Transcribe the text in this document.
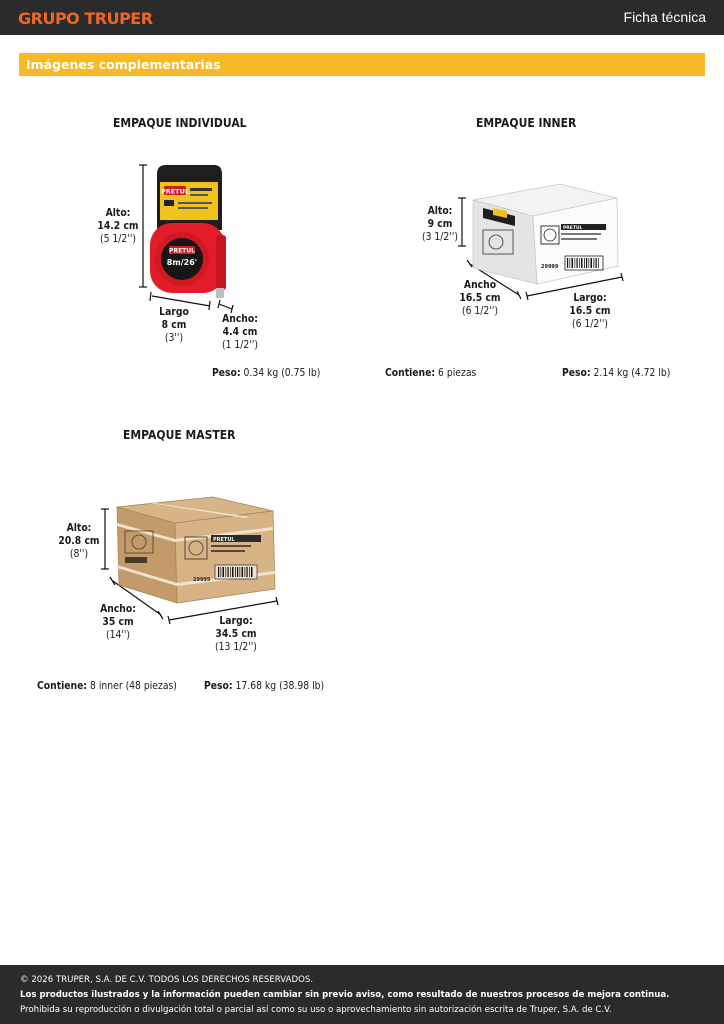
GRUPO TRUPER	Ficha técnica
Imágenes complementarias
EMPAQUE INDIVIDUAL
PRETUL
PRETUL
8m/26'
Alto:
14.2 cm
(5 1/2'')
Largo
8 cm
(3'')
Ancho:
4.4 cm
(1 1/2'')
Peso: 0.34 kg (0.75 lb)
EMPAQUE INNER
PRETUL
29999
Alto:
9 cm
(3 1/2'')
Ancho
16.5 cm
(6 1/2'')
Largo:
16.5 cm
(6 1/2'')
Contiene: 6 piezas	Peso: 2.14 kg (4.72 lb)
EMPAQUE MASTER
PRETUL
29999
Alto:
20.8 cm
(8'')
Ancho:
35 cm
(14'')
Largo:
34.5 cm
(13 1/2'')
Contiene: 8 inner (48 piezas)	Peso: 17.68 kg (38.98 lb)
© 2026 TRUPER, S.A. DE C.V. TODOS LOS DERECHOS RESERVADOS.
Los productos ilustrados y la información pueden cambiar sin previo aviso, como resultado de nuestros procesos de mejora continua.
Prohibida su reproducción o divulgación total o parcial así como su uso o aprovechamiento sin autorización escrita de Truper, S.A. de C.V.
